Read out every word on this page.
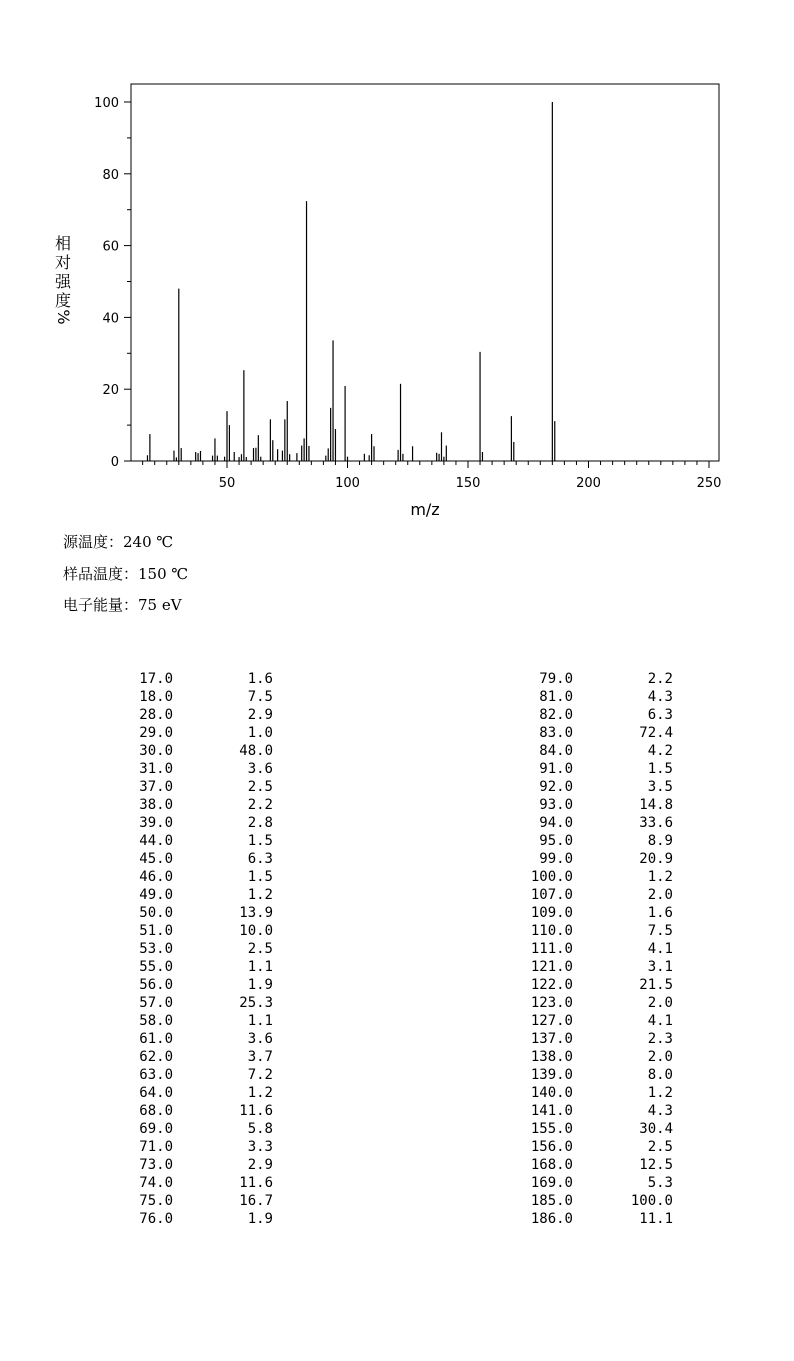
0
20
40
60
80
100
50	100	150	200	250
m/z
相
对
强
度
%
源温度：240 ℃
样品温度：150 ℃
电子能量：75 eV
17.0	1.6
18.0	7.5
28.0	2.9
29.0	1.0
30.0	48.0
31.0	3.6
37.0	2.5
38.0	2.2
39.0	2.8
44.0	1.5
45.0	6.3
46.0	1.5
49.0	1.2
50.0	13.9
51.0	10.0
53.0	2.5
55.0	1.1
56.0	1.9
57.0	25.3
58.0	1.1
61.0	3.6
62.0	3.7
63.0	7.2
64.0	1.2
68.0	11.6
69.0	5.8
71.0	3.3
73.0	2.9
74.0	11.6
75.0	16.7
76.0	1.9
79.0	2.2
81.0	4.3
82.0	6.3
83.0	72.4
84.0	4.2
91.0	1.5
92.0	3.5
93.0	14.8
94.0	33.6
95.0	8.9
99.0	20.9
100.0	1.2
107.0	2.0
109.0	1.6
110.0	7.5
111.0	4.1
121.0	3.1
122.0	21.5
123.0	2.0
127.0	4.1
137.0	2.3
138.0	2.0
139.0	8.0
140.0	1.2
141.0	4.3
155.0	30.4
156.0	2.5
168.0	12.5
169.0	5.3
185.0	100.0
186.0	11.1
